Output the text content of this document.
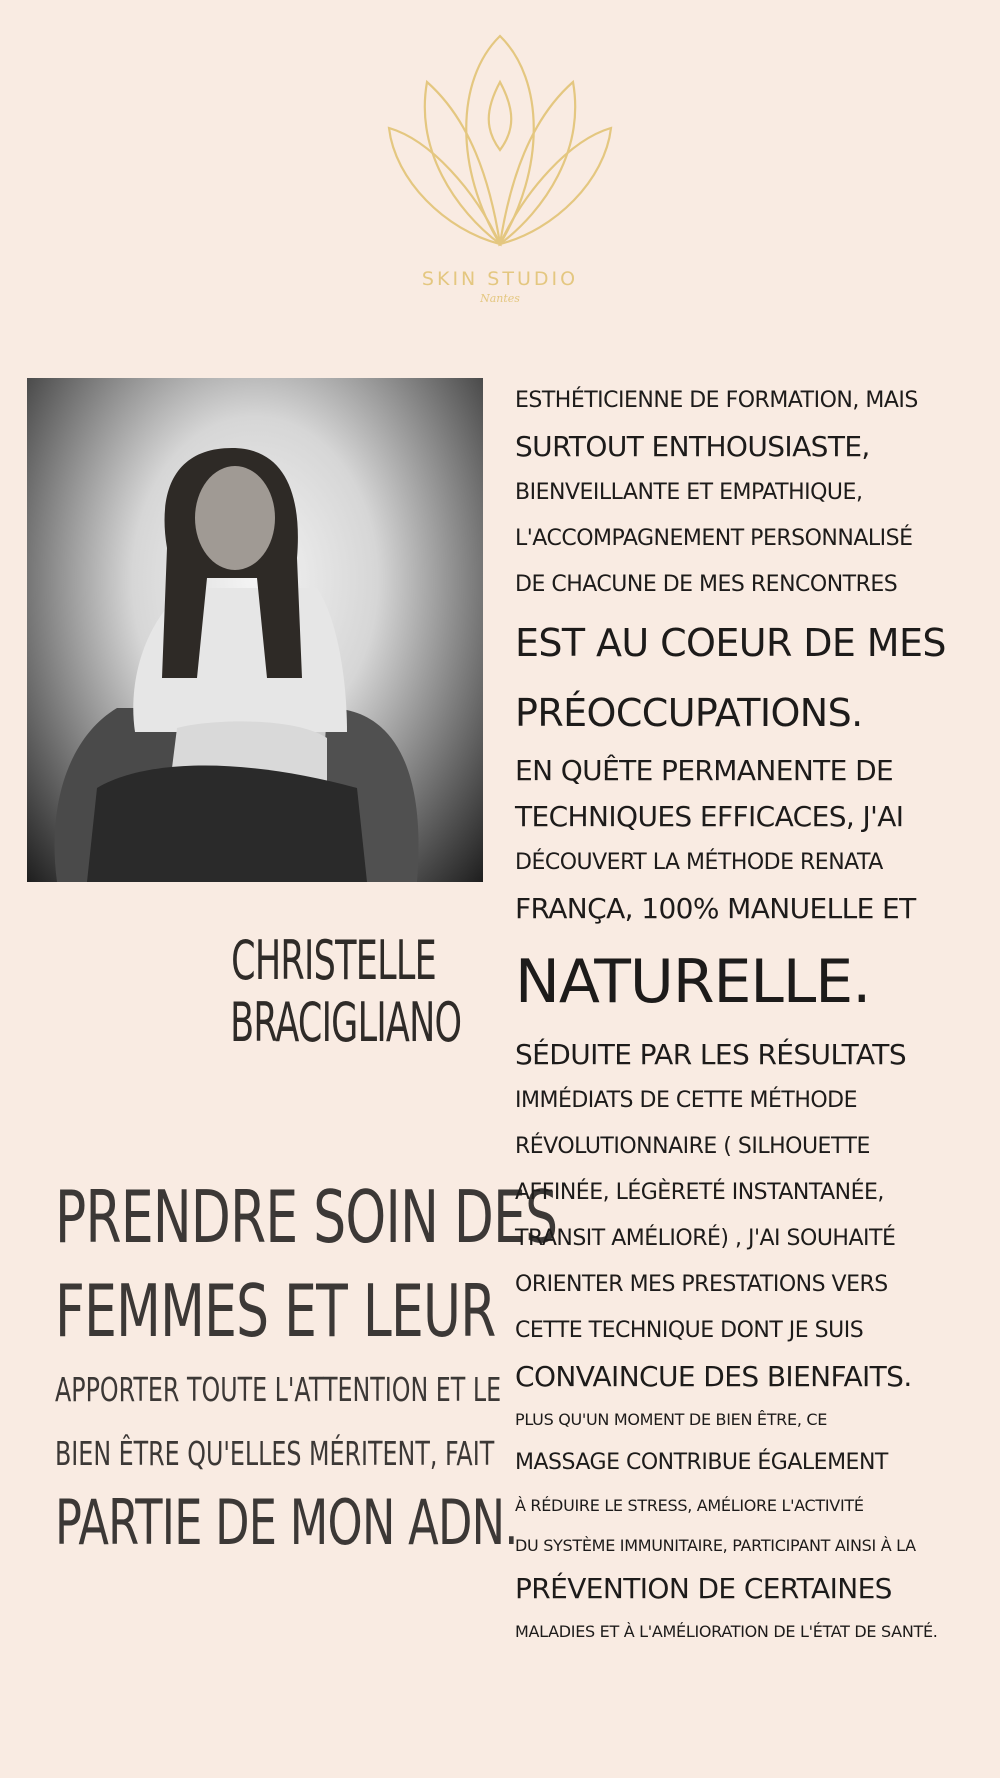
SKIN STUDIO
Nantes
CHRISTELLE
BRACIGLIANO
PRENDRE SOIN DES
FEMMES ET LEUR
APPORTER TOUTE L'ATTENTION ET LE
BIEN ÊTRE QU'ELLES MÉRITENT, FAIT
PARTIE DE MON ADN.
ESTHÉTICIENNE DE FORMATION, MAIS
SURTOUT ENTHOUSIASTE,
BIENVEILLANTE ET EMPATHIQUE,
L'ACCOMPAGNEMENT PERSONNALISÉ
DE CHACUNE DE MES RENCONTRES
EST AU COEUR DE MES
PRÉOCCUPATIONS.
EN QUÊTE PERMANENTE DE
TECHNIQUES EFFICACES, J'AI
DÉCOUVERT LA MÉTHODE RENATA
FRANÇA, 100% MANUELLE ET
NATURELLE.
SÉDUITE PAR LES RÉSULTATS
IMMÉDIATS DE CETTE MÉTHODE
RÉVOLUTIONNAIRE ( SILHOUETTE
AFFINÉE, LÉGÈRETÉ INSTANTANÉE,
TRANSIT AMÉLIORÉ) , J'AI SOUHAITÉ
ORIENTER MES PRESTATIONS VERS
CETTE TECHNIQUE DONT JE SUIS
CONVAINCUE DES BIENFAITS.
PLUS QU'UN MOMENT DE BIEN ÊTRE, CE
MASSAGE CONTRIBUE ÉGALEMENT
À RÉDUIRE LE STRESS, AMÉLIORE L'ACTIVITÉ
DU SYSTÈME IMMUNITAIRE, PARTICIPANT AINSI À LA
PRÉVENTION DE CERTAINES
MALADIES ET À L'AMÉLIORATION DE L'ÉTAT DE SANTÉ.
